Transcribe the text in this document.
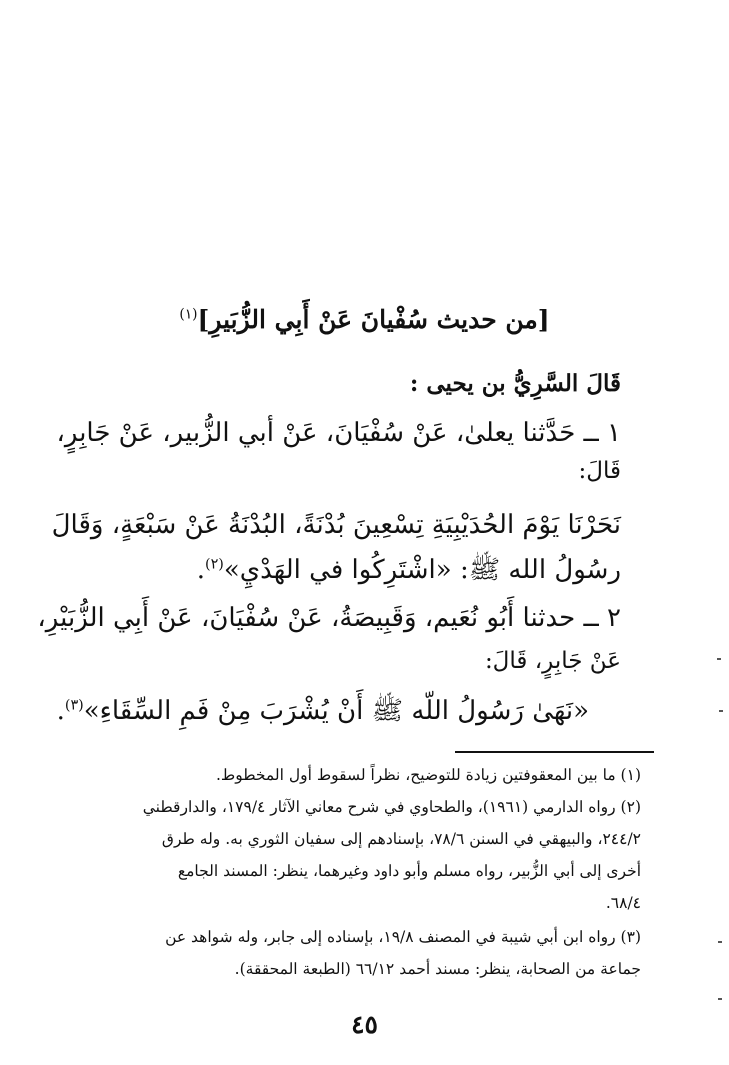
[من حديث سُفْيانَ عَنْ أَبِي الزُّبَيرِ]$^{(١)}$
قَالَ السَّرِيُّ بن يحيى :
١ ــ حَدَّثنا يعلىٰ، عَنْ سُفْيَانَ، عَنْ أبي الزُّبير، عَنْ جَابِرٍ،
قَالَ:
نَحَرْنَا يَوْمَ الحُدَيْبِيَةِ تِسْعِينَ بُدْنَةً، البُدْنَةُ عَنْ سَبْعَةٍ، وَقَالَ
رسُولُ الله ﷺ: «اشْتَرِكُوا في الهَدْيِ»$^{(٢)}$.
٢ ــ حدثنا أَبُو نُعَيم، وَقَبِيصَةُ، عَنْ سُفْيَانَ، عَنْ أَبِي الزُّبَيْرِ،
عَنْ جَابِرٍ، قَالَ:
«نَهَىٰ رَسُولُ اللّه ﷺ أَنْ يُشْرَبَ مِنْ فَمِ السِّقَاءِ»$^{(٣)}$.
(١) ما بين المعقوفتين زيادة للتوضيح، نظراً لسقوط أول المخطوط.
(٢) رواه الدارمي (١٩٦١)، والطحاوي في شرح معاني الآثار ١٧٩/٤، والدارقطني
٢٤٤/٢، والبيهقي في السنن ٧٨/٦، بإسنادهم إلى سفيان الثوري به. وله طرق
أخرى إلى أبي الزُّبير، رواه مسلم وأبو داود وغيرهما، ينظر: المسند الجامع
٦٨/٤.
(٣) رواه ابن أبي شيبة في المصنف ١٩/٨، بإسناده إلى جابر، وله شواهد عن
جماعة من الصحابة، ينظر: مسند أحمد ٦٦/١٢ (الطبعة المحققة).
٤٥
